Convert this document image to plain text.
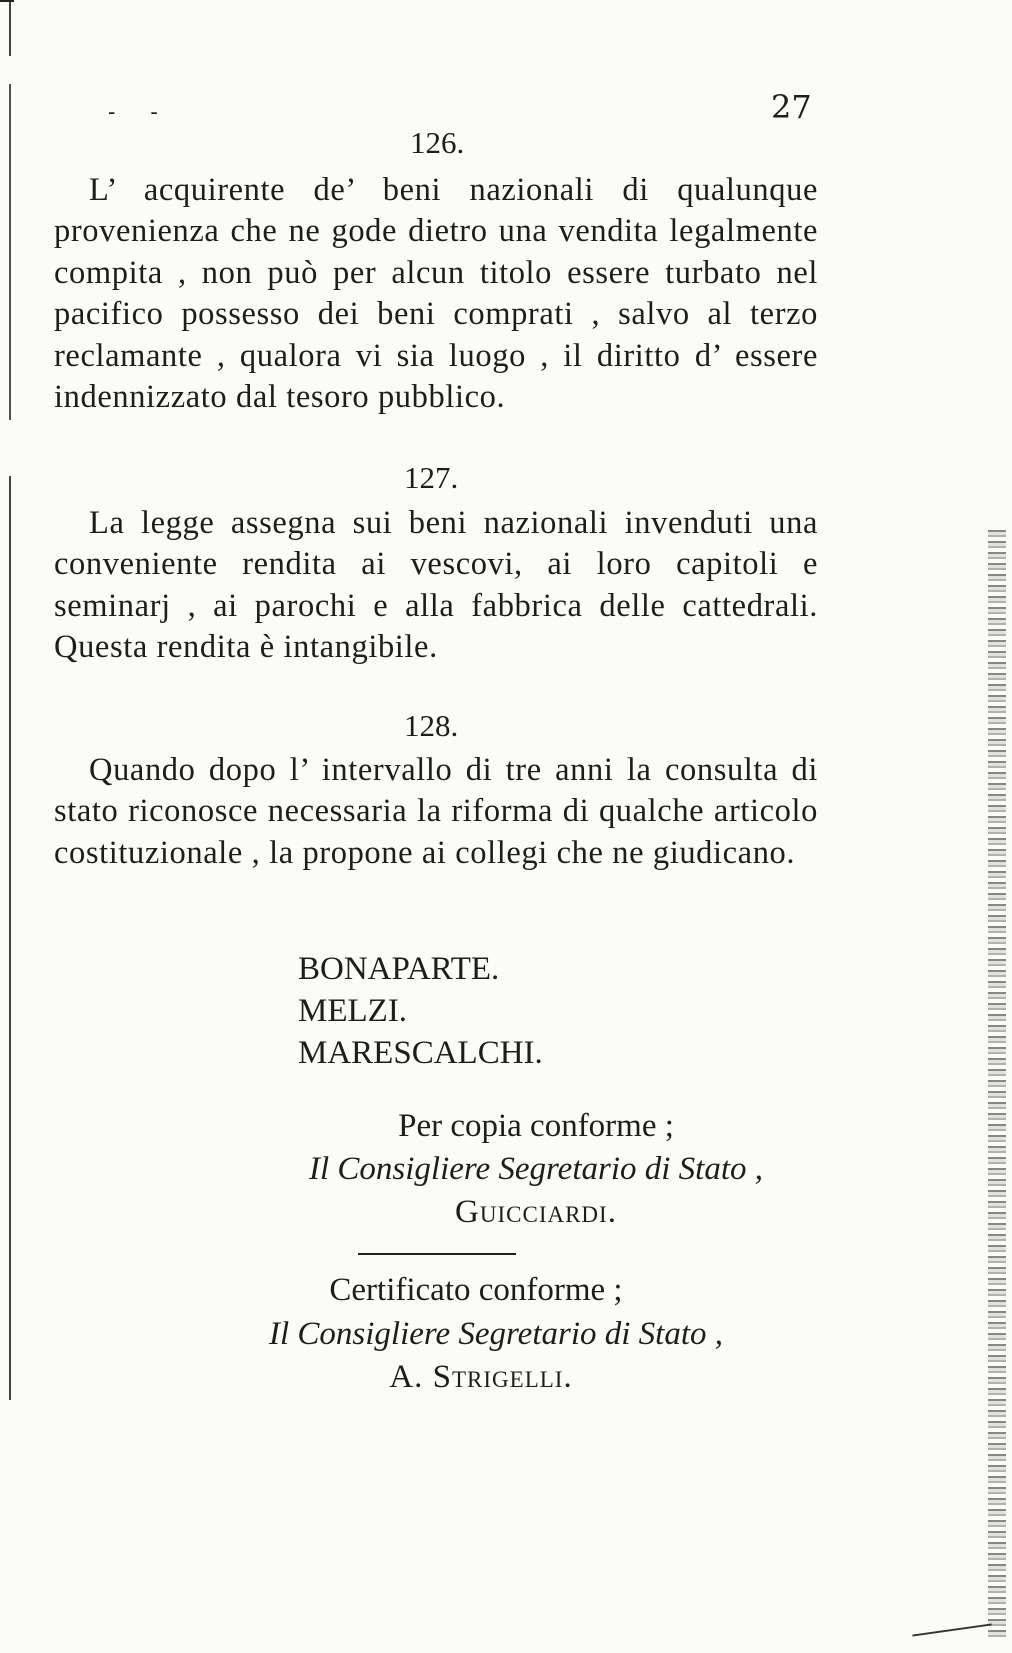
- -	27
126.

L’ acquirente de’ beni nazionali di qualunque provenienza che ne gode dietro una vendita legalmente compita , non può per alcun titolo essere turbato nel pacifico possesso dei beni comprati , salvo al terzo reclamante , qualora vi sia luogo , il diritto d’ essere indennizzato dal tesoro pubblico.

127.

La legge assegna sui beni nazionali invenduti una conveniente rendita ai vescovi, ai loro capitoli e seminarj , ai parochi e alla fabbrica delle cattedrali. Questa rendita è intangibile.

128.

Quando dopo l’ intervallo di tre anni la consulta di stato riconosce necessaria la riforma di qualche articolo costituzionale , la propone ai collegi che ne giudicano.

BONAPARTE.
MELZI.
MARESCALCHI.
Per copia conforme ;
Il Consigliere Segretario di Stato ,
Guicciardi.
Certificato conforme ;
Il Consigliere Segretario di Stato ,
A. Strigelli.
